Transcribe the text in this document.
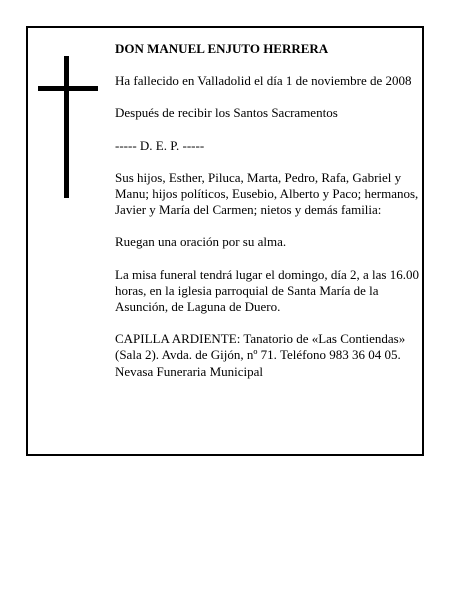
DON MANUEL ENJUTO HERRERA

Ha fallecido en Valladolid el día 1 de noviembre de 2008

Después de recibir los Santos Sacramentos

----- D. E. P. -----

Sus hijos, Esther, Piluca, Marta, Pedro, Rafa, Gabriel y Manu; hijos políticos, Eusebio, Alberto y Paco; hermanos, Javier y María del Carmen; nietos y demás familia:

Ruegan una oración por su alma.

La misa funeral tendrá lugar el domingo, día 2, a las 16.00 horas, en la iglesia parroquial de Santa María de la Asunción, de Laguna de Duero.

CAPILLA ARDIENTE: Tanatorio de «Las Contiendas» (Sala 2). Avda. de Gijón, nº 71. Teléfono 983 36 04 05. Nevasa Funeraria Municipal
